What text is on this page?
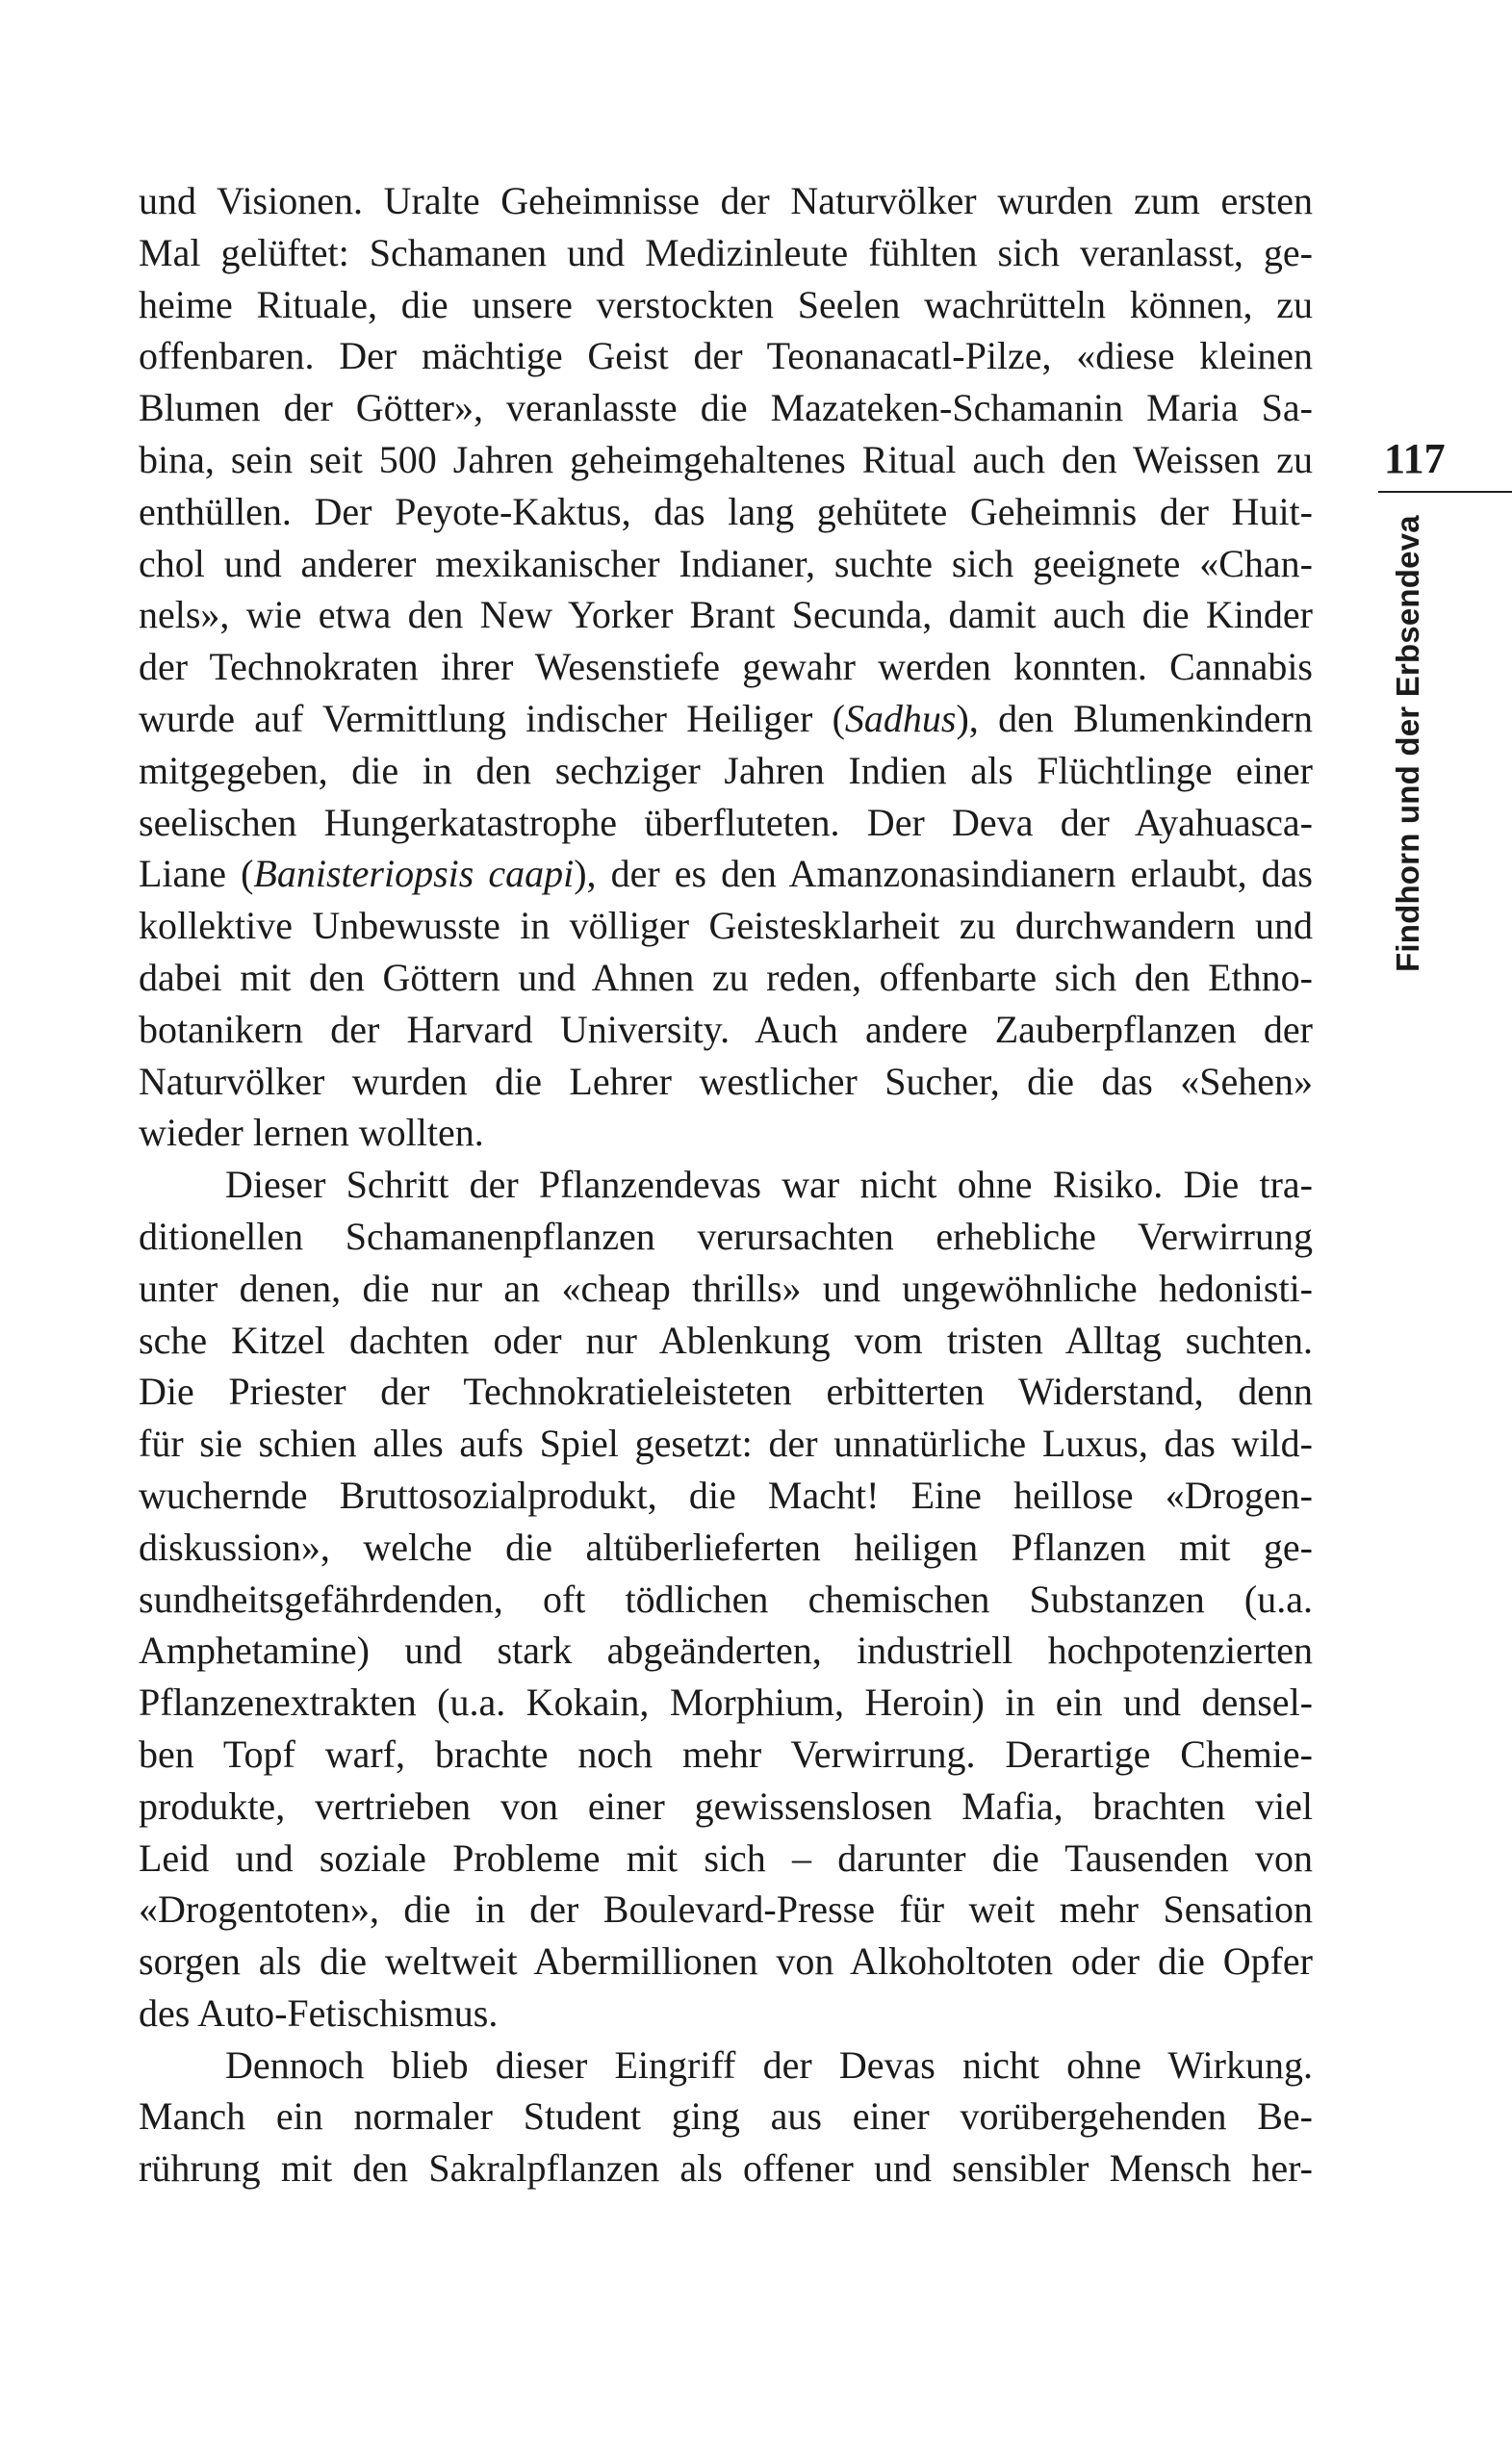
und Visionen. Uralte Geheimnisse der Naturvölker wurden zum ersten
Mal gelüftet: Schamanen und Medizinleute fühlten sich veranlasst, ge-
heime Rituale, die unsere verstockten Seelen wachrütteln können, zu
offenbaren. Der mächtige Geist der Teonanacatl-Pilze, «diese kleinen
Blumen der Götter», veranlasste die Mazateken-Schamanin Maria Sa-
bina, sein seit 500 Jahren geheimgehaltenes Ritual auch den Weissen zu
enthüllen. Der Peyote-Kaktus, das lang gehütete Geheimnis der Huit-
chol und anderer mexikanischer Indianer, suchte sich geeignete «Chan-
nels», wie etwa den New Yorker Brant Secunda, damit auch die Kinder
der Technokraten ihrer Wesenstiefe gewahr werden konnten. Cannabis
wurde auf Vermittlung indischer Heiliger (Sadhus), den Blumenkindern
mitgegeben, die in den sechziger Jahren Indien als Flüchtlinge einer
seelischen Hungerkatastrophe überfluteten. Der Deva der Ayahuasca-
Liane (Banisteriopsis caapi), der es den Amanzonasindianern erlaubt, das
kollektive Unbewusste in völliger Geistesklarheit zu durchwandern und
dabei mit den Göttern und Ahnen zu reden, offenbarte sich den Ethno-
botanikern der Harvard University. Auch andere Zauberpflanzen der
Naturvölker wurden die Lehrer westlicher Sucher, die das «Sehen»
wieder lernen wollten.
Dieser Schritt der Pflanzendevas war nicht ohne Risiko. Die tra-
ditionellen Schamanenpflanzen verursachten erhebliche Verwirrung
unter denen, die nur an «cheap thrills» und ungewöhnliche hedonisti-
sche Kitzel dachten oder nur Ablenkung vom tristen Alltag suchten.
Die Priester der Technokratieleisteten erbitterten Widerstand, denn
für sie schien alles aufs Spiel gesetzt: der unnatürliche Luxus, das wild-
wuchernde Bruttosozialprodukt, die Macht! Eine heillose «Drogen-
diskussion», welche die altüberlieferten heiligen Pflanzen mit ge-
sundheitsgefährdenden, oft tödlichen chemischen Substanzen (u.a.
Amphetamine) und stark abgeänderten, industriell hochpotenzierten
Pflanzenextrakten (u.a. Kokain, Morphium, Heroin) in ein und densel-
ben Topf warf, brachte noch mehr Verwirrung. Derartige Chemie-
produkte, vertrieben von einer gewissenslosen Mafia, brachten viel
Leid und soziale Probleme mit sich – darunter die Tausenden von
«Drogentoten», die in der Boulevard-Presse für weit mehr Sensation
sorgen als die weltweit Abermillionen von Alkoholtoten oder die Opfer
des Auto-Fetischismus.
Dennoch blieb dieser Eingriff der Devas nicht ohne Wirkung.
Manch ein normaler Student ging aus einer vorübergehenden Be-
rührung mit den Sakralpflanzen als offener und sensibler Mensch her-
117
Findhorn und der Erbsendeva
